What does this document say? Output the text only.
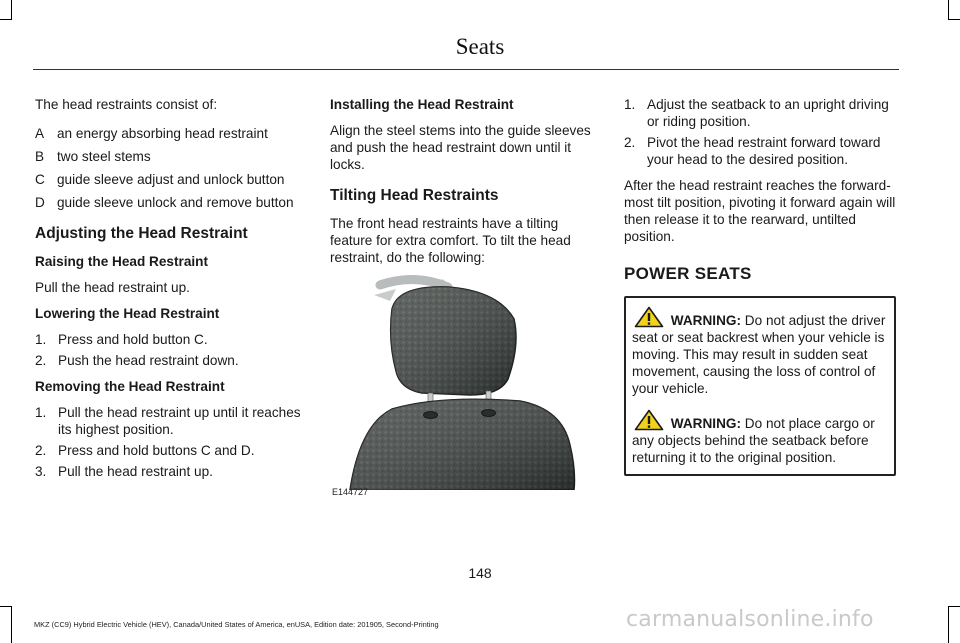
Seats

The head restraints consist of:

A an energy absorbing head restraint
B two steel stems
C guide sleeve adjust and unlock button
D guide sleeve unlock and remove button
Adjusting the Head Restraint
Raising the Head Restraint

Pull the head restraint up.

Lowering the Head Restraint
1. Press and hold button C.
2. Push the head restraint down.
Removing the Head Restraint
1. Pull the head restraint up until it reaches its highest position.
2. Press and hold buttons C and D.
3. Pull the head restraint up.
Installing the Head Restraint

Align the steel stems into the guide sleeves and push the head restraint down until it locks.

Tilting Head Restraints

The front head restraints have a tilting feature for extra comfort. To tilt the head restraint, do the following:

E144727
1. Adjust the seatback to an upright driving or riding position.
2. Pivot the head restraint forward toward your head to the desired position.

After the head restraint reaches the forward-most tilt position, pivoting it forward again will then release it to the rearward, untilted position.

POWER SEATS

WARNING: Do not adjust the driver seat or seat backrest when your vehicle is moving. This may result in sudden seat movement, causing the loss of control of your vehicle.

WARNING: Do not place cargo or any objects behind the seatback before returning it to the original position.

148
MKZ (CC9) Hybrid Electric Vehicle (HEV), Canada/United States of America, enUSA, Edition date: 201905, Second-Printing	carmanualsonline.info
